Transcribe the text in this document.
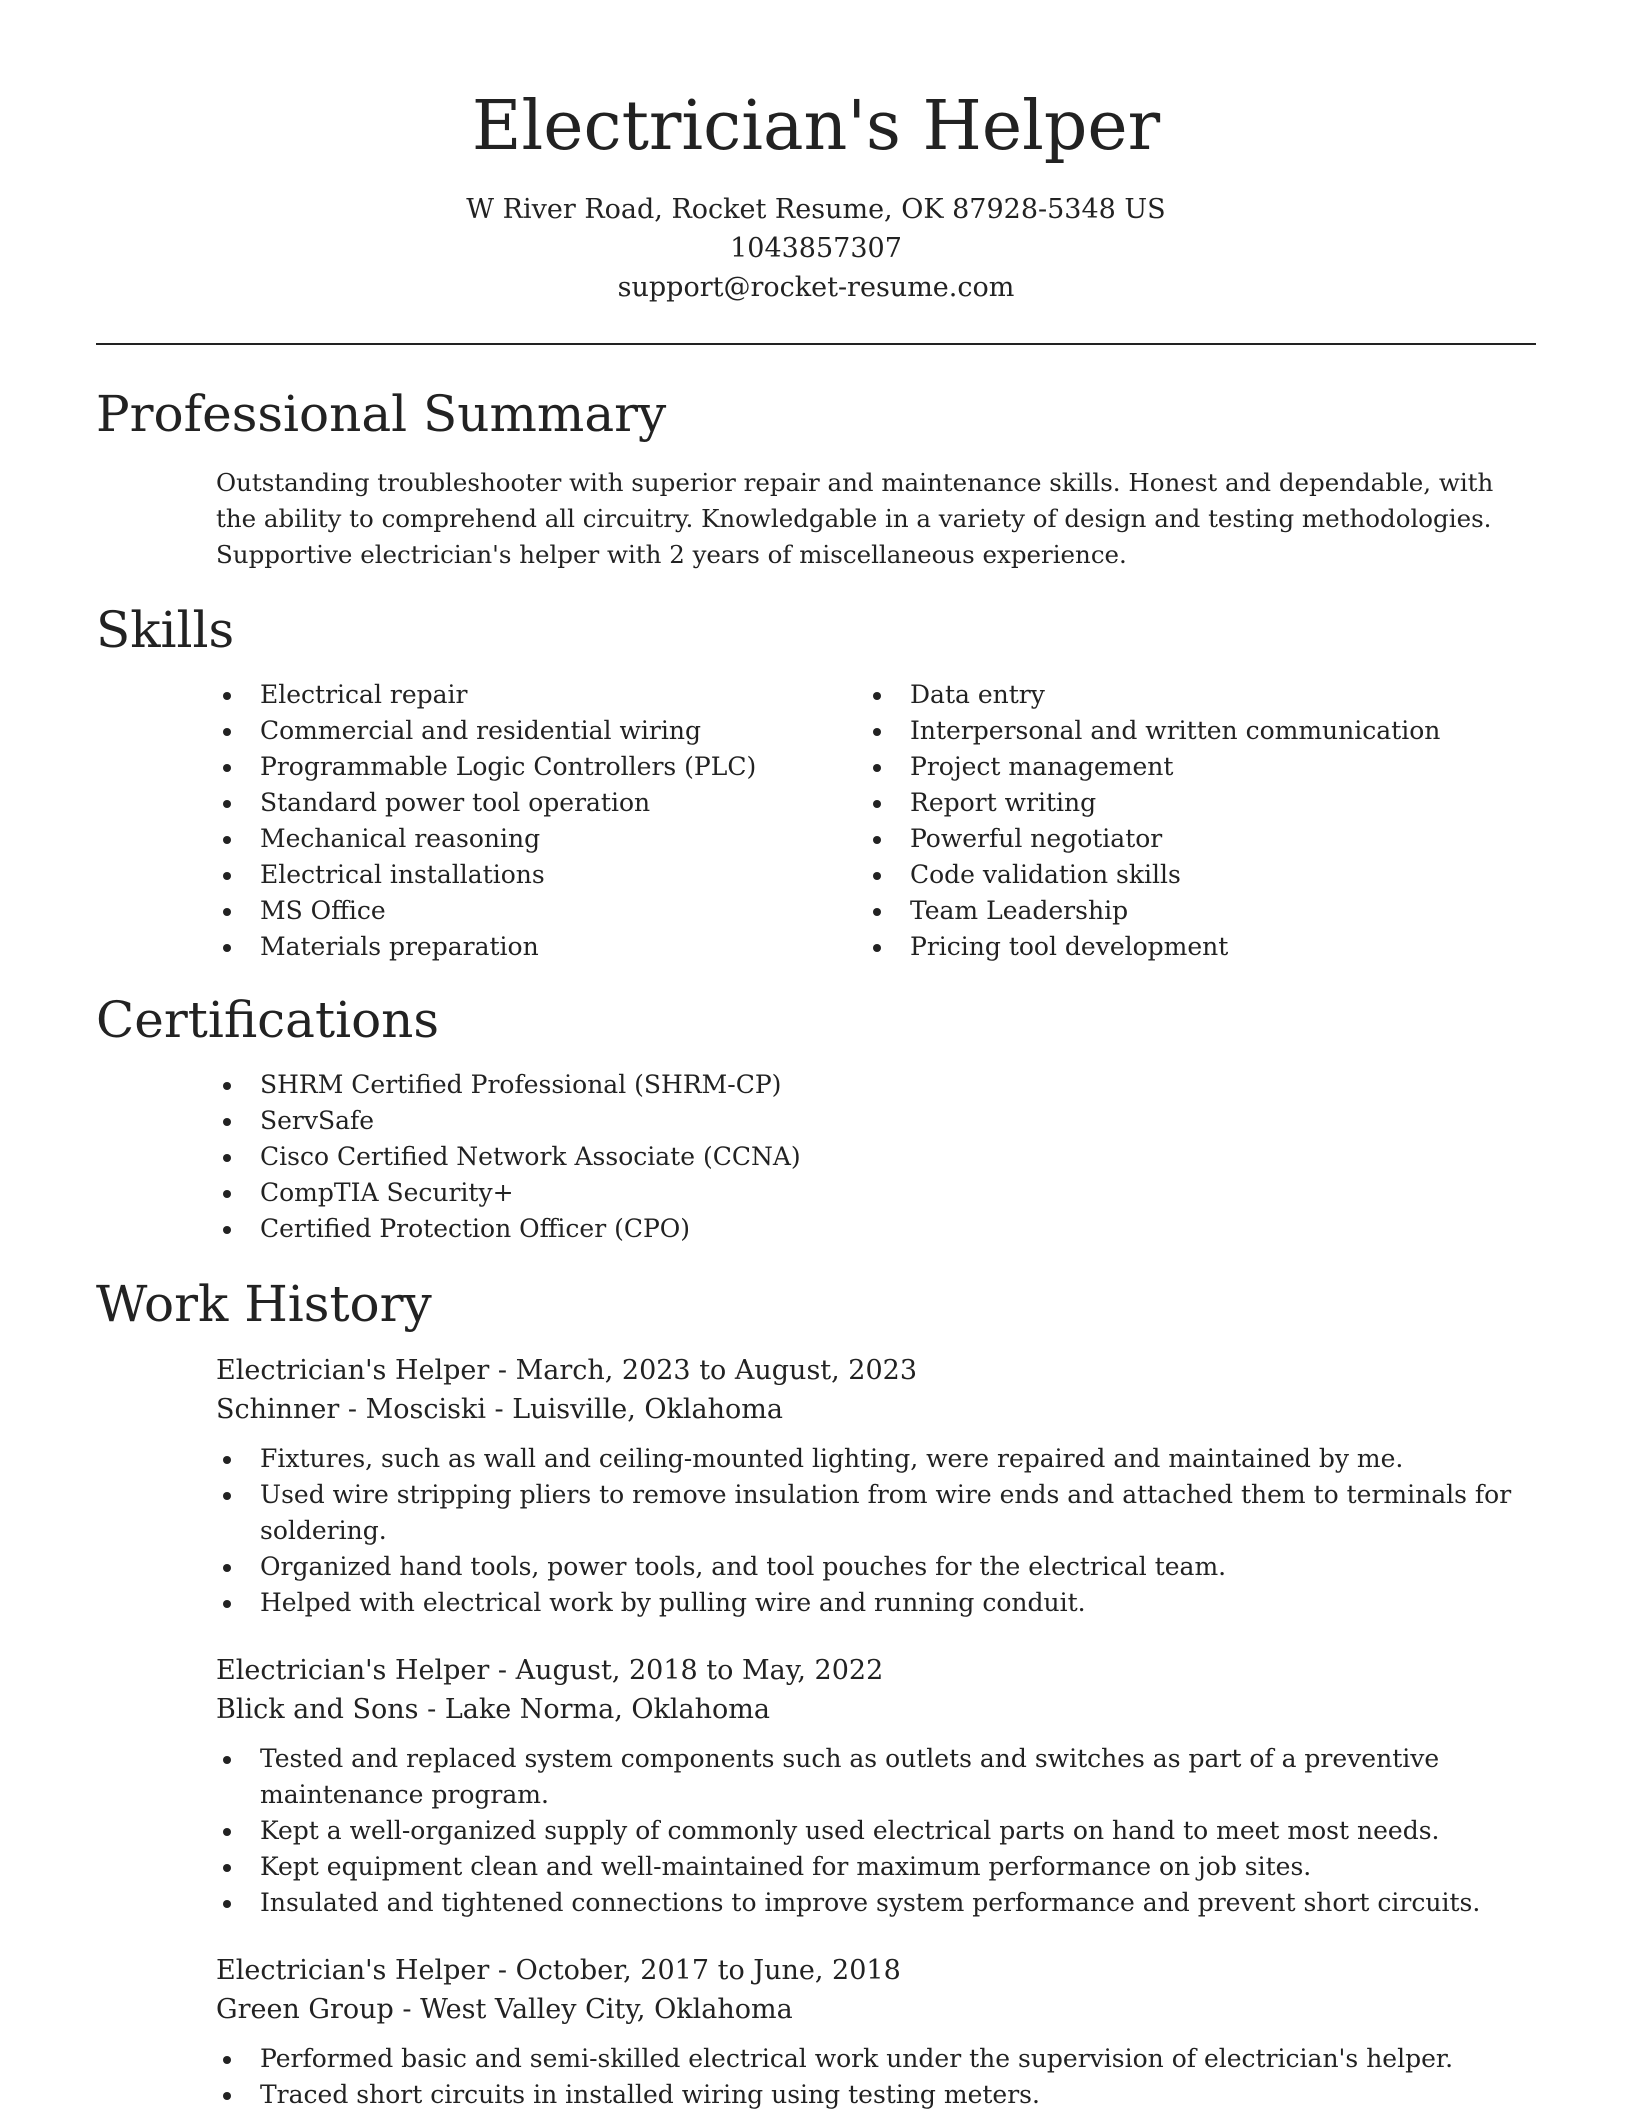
Electrician's Helper

W River Road, Rocket Resume, OK 87928-5348 US

1043857307

support@rocket-resume.com

Professional Summary

Outstanding troubleshooter with superior repair and maintenance skills. Honest and dependable, with the ability to comprehend all circuitry. Knowledgable in a variety of design and testing methodologies. Supportive electrician's helper with 2 years of miscellaneous experience.

Skills
Electrical repair
Commercial and residential wiring
Programmable Logic Controllers (PLC)
Standard power tool operation
Mechanical reasoning
Electrical installations
MS Office
Materials preparation
Data entry
Interpersonal and written communication
Project management
Report writing
Powerful negotiator
Code validation skills
Team Leadership
Pricing tool development
Certifications
SHRM Certified Professional (SHRM-CP)
ServSafe
Cisco Certified Network Associate (CCNA)
CompTIA Security+
Certified Protection Officer (CPO)
Work History

Electrician's Helper - March, 2023 to August, 2023

Schinner - Mosciski - Luisville, Oklahoma

Fixtures, such as wall and ceiling-mounted lighting, were repaired and maintained by me.
Used wire stripping pliers to remove insulation from wire ends and attached them to terminals for soldering.
Organized hand tools, power tools, and tool pouches for the electrical team.
Helped with electrical work by pulling wire and running conduit.

Electrician's Helper - August, 2018 to May, 2022

Blick and Sons - Lake Norma, Oklahoma

Tested and replaced system components such as outlets and switches as part of a preventive maintenance program.
Kept a well-organized supply of commonly used electrical parts on hand to meet most needs.
Kept equipment clean and well-maintained for maximum performance on job sites.
Insulated and tightened connections to improve system performance and prevent short circuits.

Electrician's Helper - October, 2017 to June, 2018

Green Group - West Valley City, Oklahoma

Performed basic and semi-skilled electrical work under the supervision of electrician's helper.
Traced short circuits in installed wiring using testing meters.
